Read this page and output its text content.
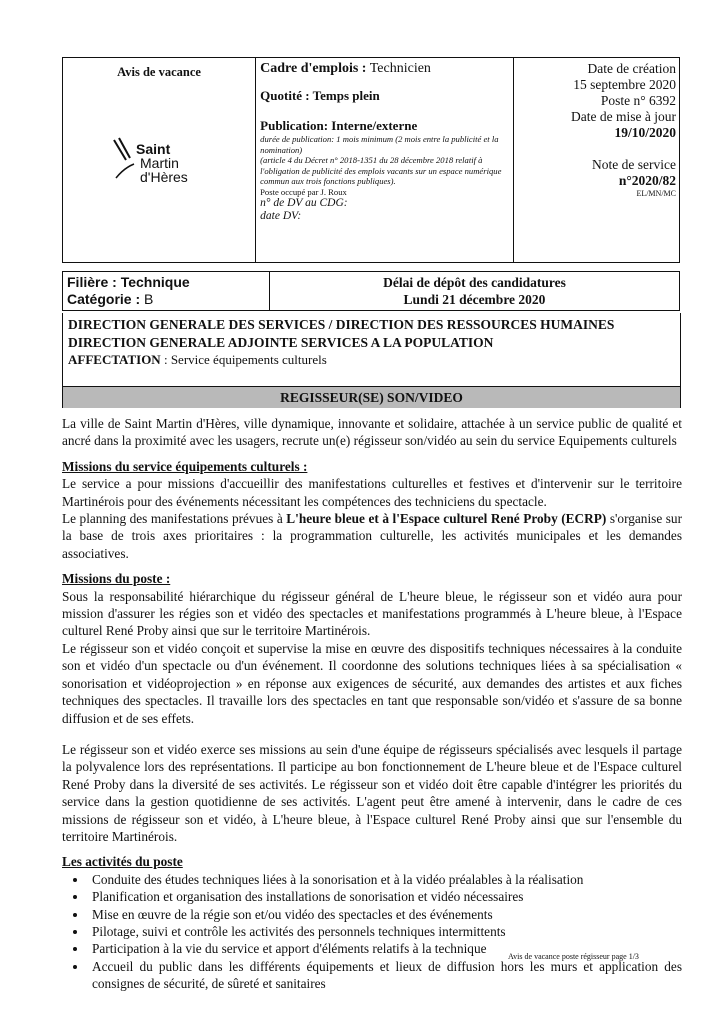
Avis de vacance
Saint
Martin
d'Hères

Cadre d'emplois : Technicien
Quotité : Temps plein
Publication: Interne/externe
durée de publication: 1 mois minimum (2 mois entre la publicité et la nomination)
(article 4 du Décret n° 2018-1351 du 28 décembre 2018 relatif à l'obligation de publicité des emplois vacants sur un espace numérique commun aux trois fonctions publiques).
Poste occupé par J. Roux
n° de DV au CDG:
date DV:

Date de création
15 septembre 2020
Poste n° 6392
Date de mise à jour
19/10/2020
Note de service
n°2020/82
EL/MN/MC
Filière : Technique
Catégorie : B

Délai de dépôt des candidatures
Lundi 21 décembre 2020
DIRECTION GENERALE DES SERVICES / DIRECTION DES RESSOURCES HUMAINES
DIRECTION GENERALE ADJOINTE SERVICES A LA POPULATION
AFFECTATION : Service équipements culturels
REGISSEUR(SE) SON/VIDEO

La ville de Saint Martin d'Hères, ville dynamique, innovante et solidaire, attachée à un service public de qualité et ancré dans la proximité avec les usagers, recrute un(e) régisseur son/vidéo au sein du service Equipements culturels

Missions du service équipements culturels :
Le service a pour missions d'accueillir des manifestations culturelles et festives et d'intervenir sur le territoire Martinérois pour des événements nécessitant les compétences des techniciens du spectacle.

Le planning des manifestations prévues à L'heure bleue et à l'Espace culturel René Proby (ECRP) s'organise sur la base de trois axes prioritaires : la programmation culturelle, les activités municipales et les demandes associatives.

Missions du poste :
Sous la responsabilité hiérarchique du régisseur général de L'heure bleue, le régisseur son et vidéo aura pour mission d'assurer les régies son et vidéo des spectacles et manifestations programmés à L'heure bleue, à l'Espace culturel René Proby ainsi que sur le territoire Martinérois.

Le régisseur son et vidéo conçoit et supervise la mise en œuvre des dispositifs techniques nécessaires à la conduite son et vidéo d'un spectacle ou d'un événement. Il coordonne des solutions techniques liées à sa spécialisation « sonorisation et vidéoprojection » en réponse aux exigences de sécurité, aux demandes des artistes et aux fiches techniques des spectacles. Il travaille lors des spectacles en tant que responsable son/vidéo et s'assure de sa bonne diffusion et de ses effets.

Le régisseur son et vidéo exerce ses missions au sein d'une équipe de régisseurs spécialisés avec lesquels il partage la polyvalence lors des représentations. Il participe au bon fonctionnement de L'heure bleue et de l'Espace culturel René Proby dans la diversité de ses activités. Le régisseur son et vidéo doit être capable d'intégrer les priorités du service dans la gestion quotidienne de ses activités. L'agent peut être amené à intervenir, dans le cadre de ces missions de régisseur son et vidéo, à L'heure bleue, à l'Espace culturel René Proby ainsi que sur l'ensemble du territoire Martinérois.

Les activités du poste
• Conduite des études techniques liées à la sonorisation et à la vidéo préalables à la réalisation
• Planification et organisation des installations de sonorisation et vidéo nécessaires
• Mise en œuvre de la régie son et/ou vidéo des spectacles et des événements
• Pilotage, suivi et contrôle les activités des personnels techniques intermittents
• Participation à la vie du service et apport d'éléments relatifs à la technique
• Accueil du public dans les différents équipements et lieux de diffusion hors les murs et application des consignes de sécurité, de sûreté et sanitaires
Avis de vacance poste régisseur page 1/3
